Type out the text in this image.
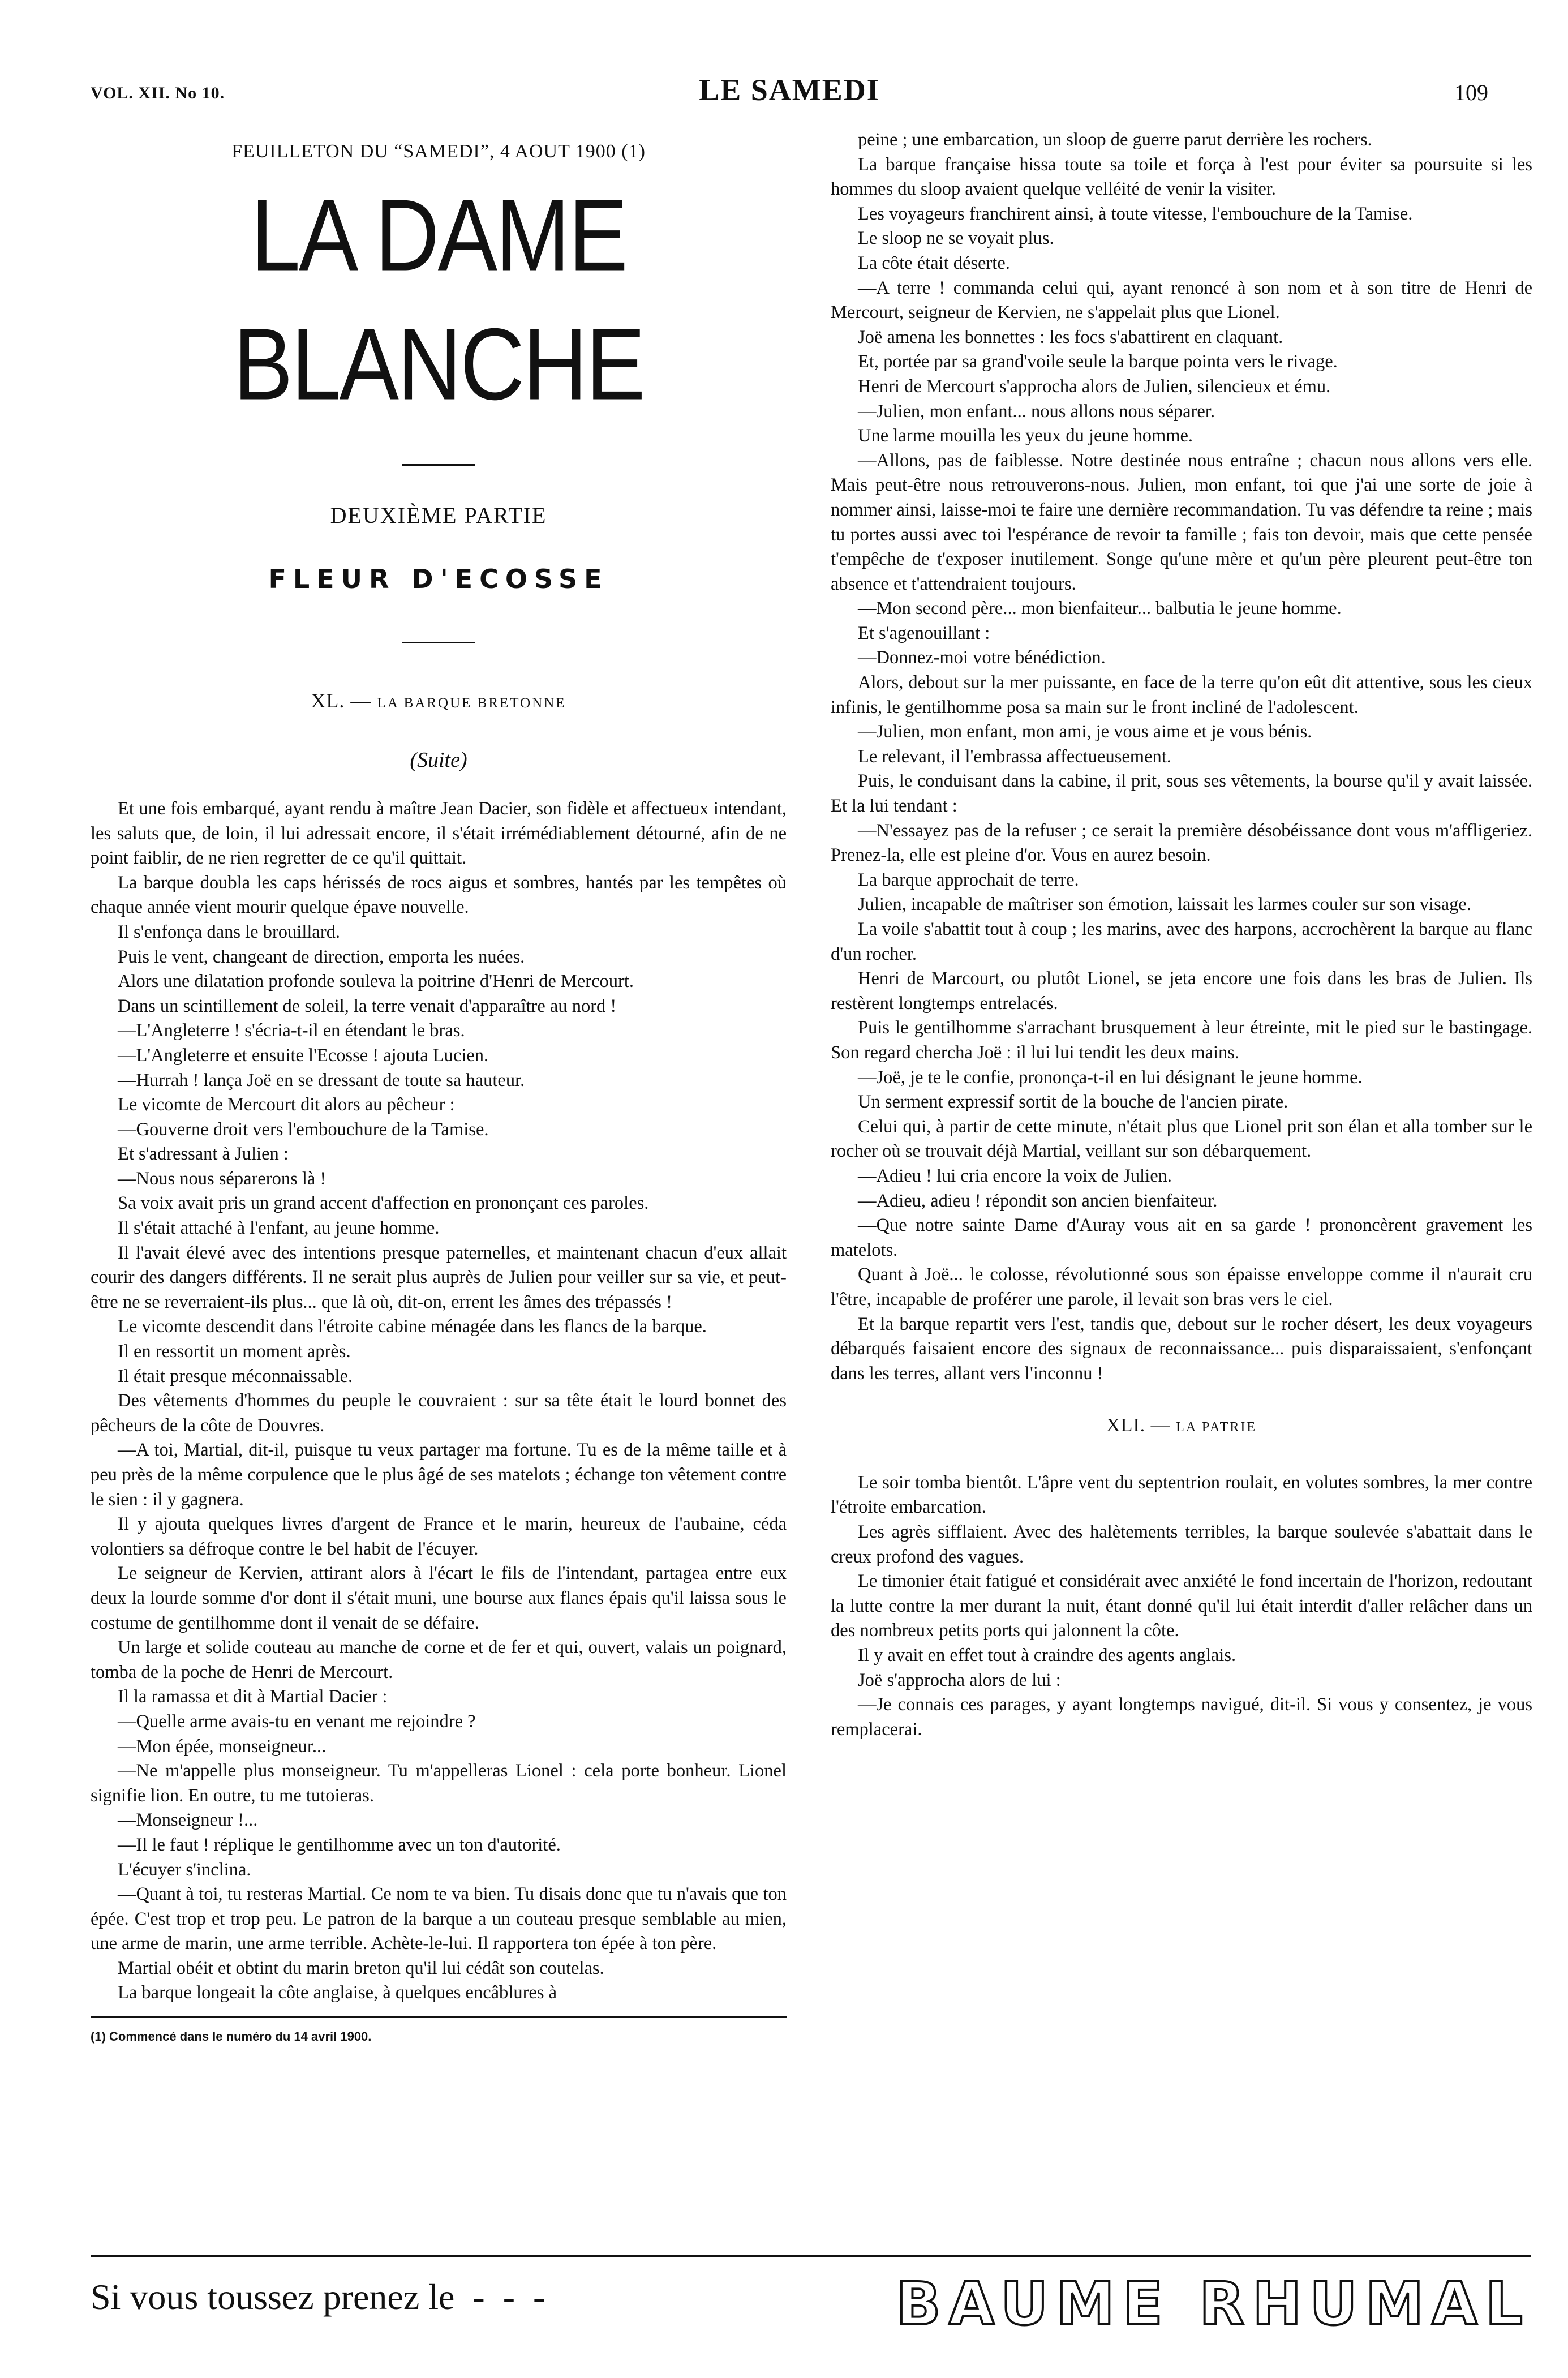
VOL. XII. No 10.	LE SAMEDI	109
FEUILLETON DU “SAMEDI”, 4 AOUT 1900 (1)
LA DAME BLANCHE
DEUXIÈME PARTIE
FLEUR D'ECOSSE
XL. — LA BARQUE BRETONNE
(Suite)

Et une fois embarqué, ayant rendu à maître Jean Dacier, son fidèle et affectueux intendant, les saluts que, de loin, il lui adressait encore, il s'était irrémédiablement détourné, afin de ne point faiblir, de ne rien regretter de ce qu'il quittait.

La barque doubla les caps hérissés de rocs aigus et sombres, hantés par les tempêtes où chaque année vient mourir quelque épave nouvelle.

Il s'enfonça dans le brouillard.

Puis le vent, changeant de direction, emporta les nuées.

Alors une dilatation profonde souleva la poitrine d'Henri de Mercourt.

Dans un scintillement de soleil, la terre venait d'apparaître au nord !

—L'Angleterre ! s'écria-t-il en étendant le bras.

—L'Angleterre et ensuite l'Ecosse ! ajouta Lucien.

—Hurrah ! lança Joë en se dressant de toute sa hauteur.

Le vicomte de Mercourt dit alors au pêcheur :

—Gouverne droit vers l'embouchure de la Tamise.

Et s'adressant à Julien :

—Nous nous séparerons là !

Sa voix avait pris un grand accent d'affection en prononçant ces paroles.

Il s'était attaché à l'enfant, au jeune homme.

Il l'avait élevé avec des intentions presque paternelles, et maintenant chacun d'eux allait courir des dangers différents. Il ne serait plus auprès de Julien pour veiller sur sa vie, et peut-être ne se reverraient-ils plus... que là où, dit-on, errent les âmes des trépassés !

Le vicomte descendit dans l'étroite cabine ménagée dans les flancs de la barque.

Il en ressortit un moment après.

Il était presque méconnaissable.

Des vêtements d'hommes du peuple le couvraient : sur sa tête était le lourd bonnet des pêcheurs de la côte de Douvres.

—A toi, Martial, dit-il, puisque tu veux partager ma fortune. Tu es de la même taille et à peu près de la même corpulence que le plus âgé de ses matelots ; échange ton vêtement contre le sien : il y gagnera.

Il y ajouta quelques livres d'argent de France et le marin, heureux de l'aubaine, céda volontiers sa défroque contre le bel habit de l'écuyer.

Le seigneur de Kervien, attirant alors à l'écart le fils de l'intendant, partagea entre eux deux la lourde somme d'or dont il s'était muni, une bourse aux flancs épais qu'il laissa sous le costume de gentilhomme dont il venait de se défaire.

Un large et solide couteau au manche de corne et de fer et qui, ouvert, valais un poignard, tomba de la poche de Henri de Mercourt.

Il la ramassa et dit à Martial Dacier :

—Quelle arme avais-tu en venant me rejoindre ?

—Mon épée, monseigneur...

—Ne m'appelle plus monseigneur. Tu m'appelleras Lionel : cela porte bonheur. Lionel signifie lion. En outre, tu me tutoieras.

—Monseigneur !...

—Il le faut ! réplique le gentilhomme avec un ton d'autorité.

L'écuyer s'inclina.

—Quant à toi, tu resteras Martial. Ce nom te va bien. Tu disais donc que tu n'avais que ton épée. C'est trop et trop peu. Le patron de la barque a un couteau presque semblable au mien, une arme de marin, une arme terrible. Achète-le-lui. Il rapportera ton épée à ton père.

Martial obéit et obtint du marin breton qu'il lui cédât son coutelas.

La barque longeait la côte anglaise, à quelques encâblures à

(1) Commencé dans le numéro du 14 avril 1900.

peine ; une embarcation, un sloop de guerre parut derrière les rochers.

La barque française hissa toute sa toile et força à l'est pour éviter sa poursuite si les hommes du sloop avaient quelque velléité de venir la visiter.

Les voyageurs franchirent ainsi, à toute vitesse, l'embouchure de la Tamise.

Le sloop ne se voyait plus.

La côte était déserte.

—A terre ! commanda celui qui, ayant renoncé à son nom et à son titre de Henri de Mercourt, seigneur de Kervien, ne s'appelait plus que Lionel.

Joë amena les bonnettes : les focs s'abattirent en claquant.

Et, portée par sa grand'voile seule la barque pointa vers le rivage.

Henri de Mercourt s'approcha alors de Julien, silencieux et ému.

—Julien, mon enfant... nous allons nous séparer.

Une larme mouilla les yeux du jeune homme.

—Allons, pas de faiblesse. Notre destinée nous entraîne ; chacun nous allons vers elle. Mais peut-être nous retrouverons-nous. Julien, mon enfant, toi que j'ai une sorte de joie à nommer ainsi, laisse-moi te faire une dernière recommandation. Tu vas défendre ta reine ; mais tu portes aussi avec toi l'espérance de revoir ta famille ; fais ton devoir, mais que cette pensée t'empêche de t'exposer inutilement. Songe qu'une mère et qu'un père pleurent peut-être ton absence et t'attendraient toujours.

—Mon second père... mon bienfaiteur... balbutia le jeune homme.

Et s'agenouillant :

—Donnez-moi votre bénédiction.

Alors, debout sur la mer puissante, en face de la terre qu'on eût dit attentive, sous les cieux infinis, le gentilhomme posa sa main sur le front incliné de l'adolescent.

—Julien, mon enfant, mon ami, je vous aime et je vous bénis.

Le relevant, il l'embrassa affectueusement.

Puis, le conduisant dans la cabine, il prit, sous ses vêtements, la bourse qu'il y avait laissée. Et la lui tendant :

—N'essayez pas de la refuser ; ce serait la première désobéissance dont vous m'affligeriez. Prenez-la, elle est pleine d'or. Vous en aurez besoin.

La barque approchait de terre.

Julien, incapable de maîtriser son émotion, laissait les larmes couler sur son visage.

La voile s'abattit tout à coup ; les marins, avec des harpons, accrochèrent la barque au flanc d'un rocher.

Henri de Marcourt, ou plutôt Lionel, se jeta encore une fois dans les bras de Julien. Ils restèrent longtemps entrelacés.

Puis le gentilhomme s'arrachant brusquement à leur étreinte, mit le pied sur le bastingage. Son regard chercha Joë : il lui lui tendit les deux mains.

—Joë, je te le confie, prononça-t-il en lui désignant le jeune homme.

Un serment expressif sortit de la bouche de l'ancien pirate.

Celui qui, à partir de cette minute, n'était plus que Lionel prit son élan et alla tomber sur le rocher où se trouvait déjà Martial, veillant sur son débarquement.

—Adieu ! lui cria encore la voix de Julien.

—Adieu, adieu ! répondit son ancien bienfaiteur.

—Que notre sainte Dame d'Auray vous ait en sa garde ! prononcèrent gravement les matelots.

Quant à Joë... le colosse, révolutionné sous son épaisse enveloppe comme il n'aurait cru l'être, incapable de proférer une parole, il levait son bras vers le ciel.

Et la barque repartit vers l'est, tandis que, debout sur le rocher désert, les deux voyageurs débarqués faisaient encore des signaux de reconnaissance... puis disparaissaient, s'enfonçant dans les terres, allant vers l'inconnu !

XLI. — LA PATRIE

Le soir tomba bientôt. L'âpre vent du septentrion roulait, en volutes sombres, la mer contre l'étroite embarcation.

Les agrès sifflaient. Avec des halètements terribles, la barque soulevée s'abattait dans le creux profond des vagues.

Le timonier était fatigué et considérait avec anxiété le fond incertain de l'horizon, redoutant la lutte contre la mer durant la nuit, étant donné qu'il lui était interdit d'aller relâcher dans un des nombreux petits ports qui jalonnent la côte.

Il y avait en effet tout à craindre des agents anglais.

Joë s'approcha alors de lui :

—Je connais ces parages, y ayant longtemps navigué, dit-il. Si vous y consentez, je vous remplacerai.

Si vous toussez prenez le  -  -  -	BAUME RHUMAL
